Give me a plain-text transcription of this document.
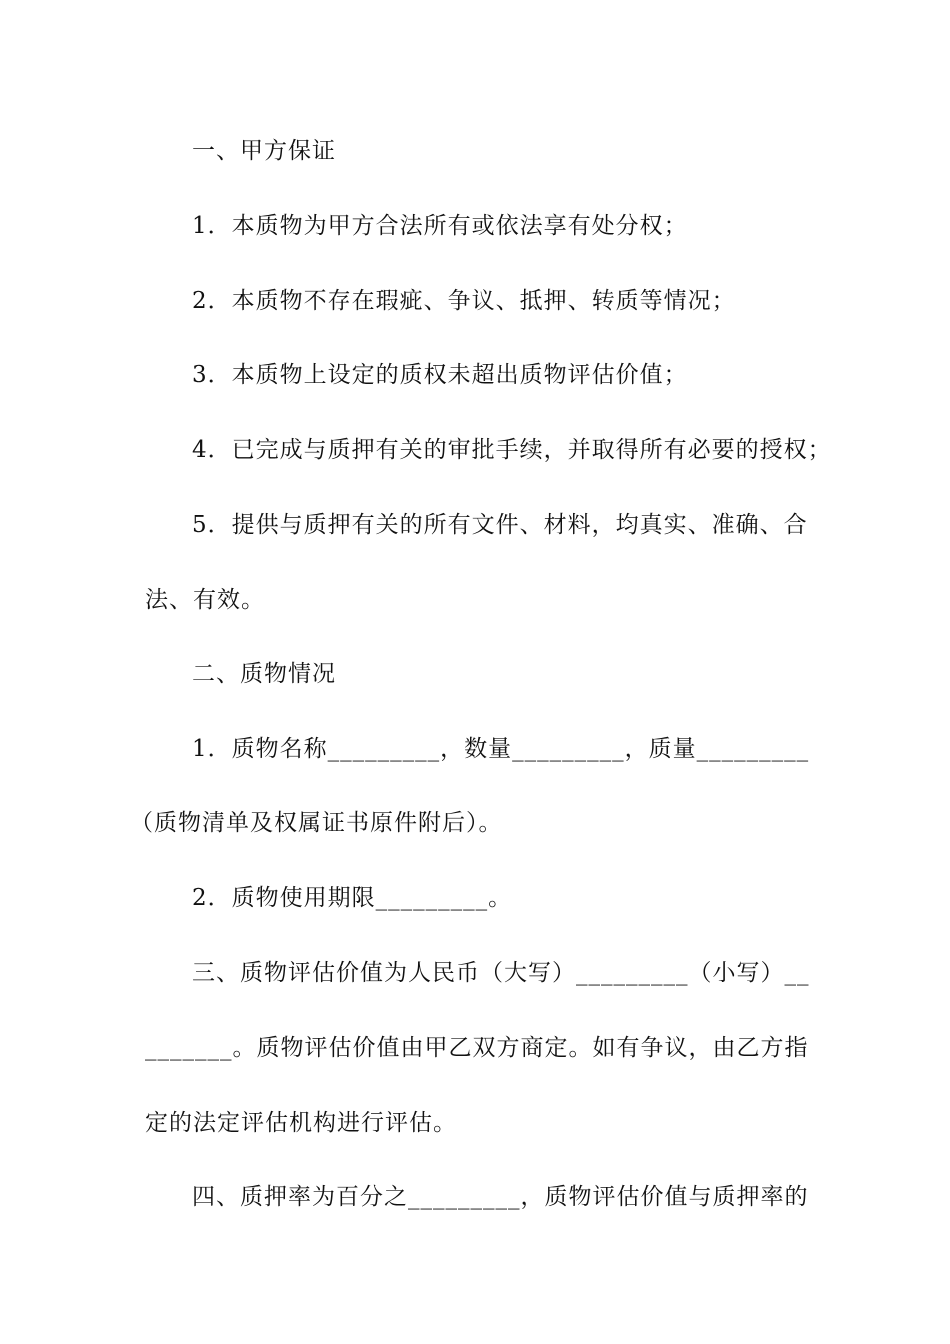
一、甲方保证
1．本质物为甲方合法所有或依法享有处分权；
2．本质物不存在瑕疵、争议、抵押、转质等情况；
3．本质物上设定的质权未超出质物评估价值；
4．已完成与质押有关的审批手续，并取得所有必要的授权；
5．提供与质押有关的所有文件、材料，均真实、准确、合
法、有效。
二、质物情况
1．质物名称_________，数量_________，质量_________
（质物清单及权属证书原件附后）。
2．质物使用期限_________。
三、质物评估价值为人民币（大写）_________（小写）__
_______。质物评估价值由甲乙双方商定。如有争议，由乙方指
定的法定评估机构进行评估。
四、质押率为百分之_________，质物评估价值与质押率的
